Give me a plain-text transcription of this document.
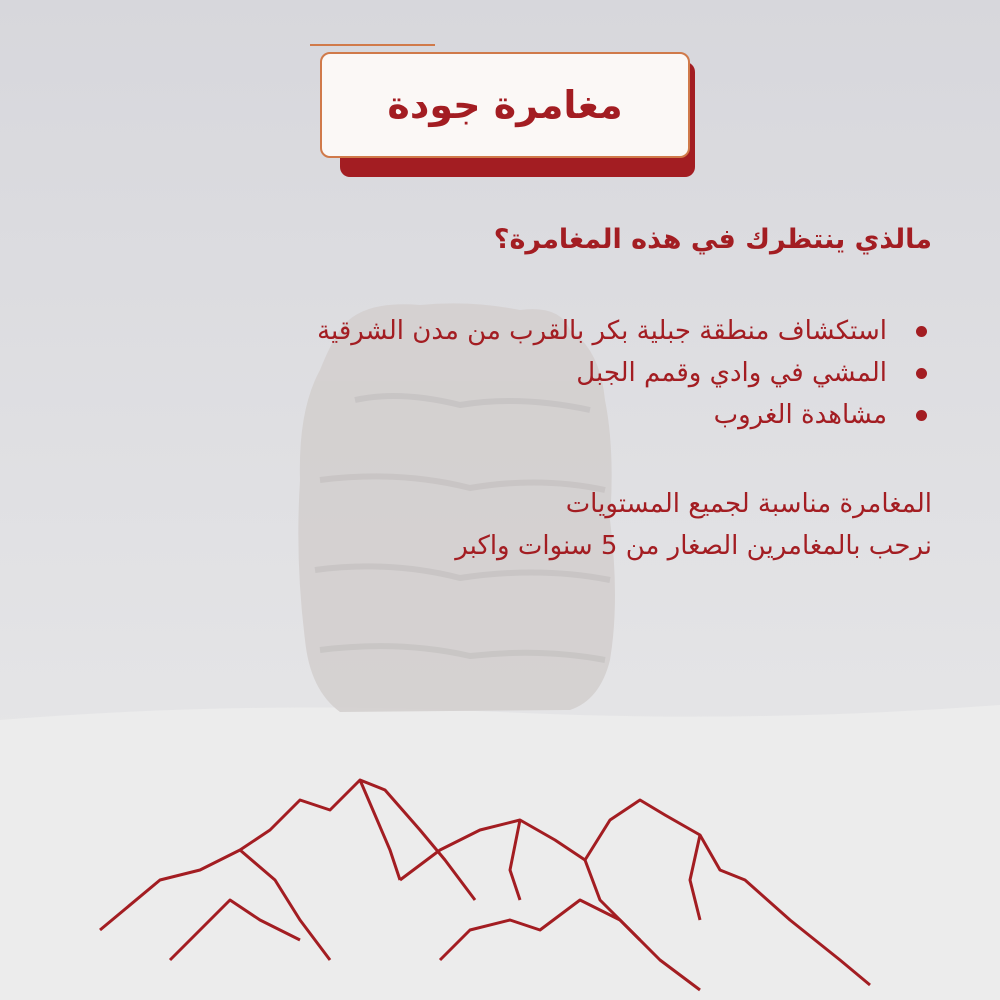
مغامرة جودة

مالذي ينتظرك في هذه المغامرة؟

استكشاف منطقة جبلية بكر بالقرب من مدن الشرقية
المشي في وادي وقمم الجبل
مشاهدة الغروب

المغامرة مناسبة لجميع المستويات

نرحب بالمغامرين الصغار من 5 سنوات واكبر
